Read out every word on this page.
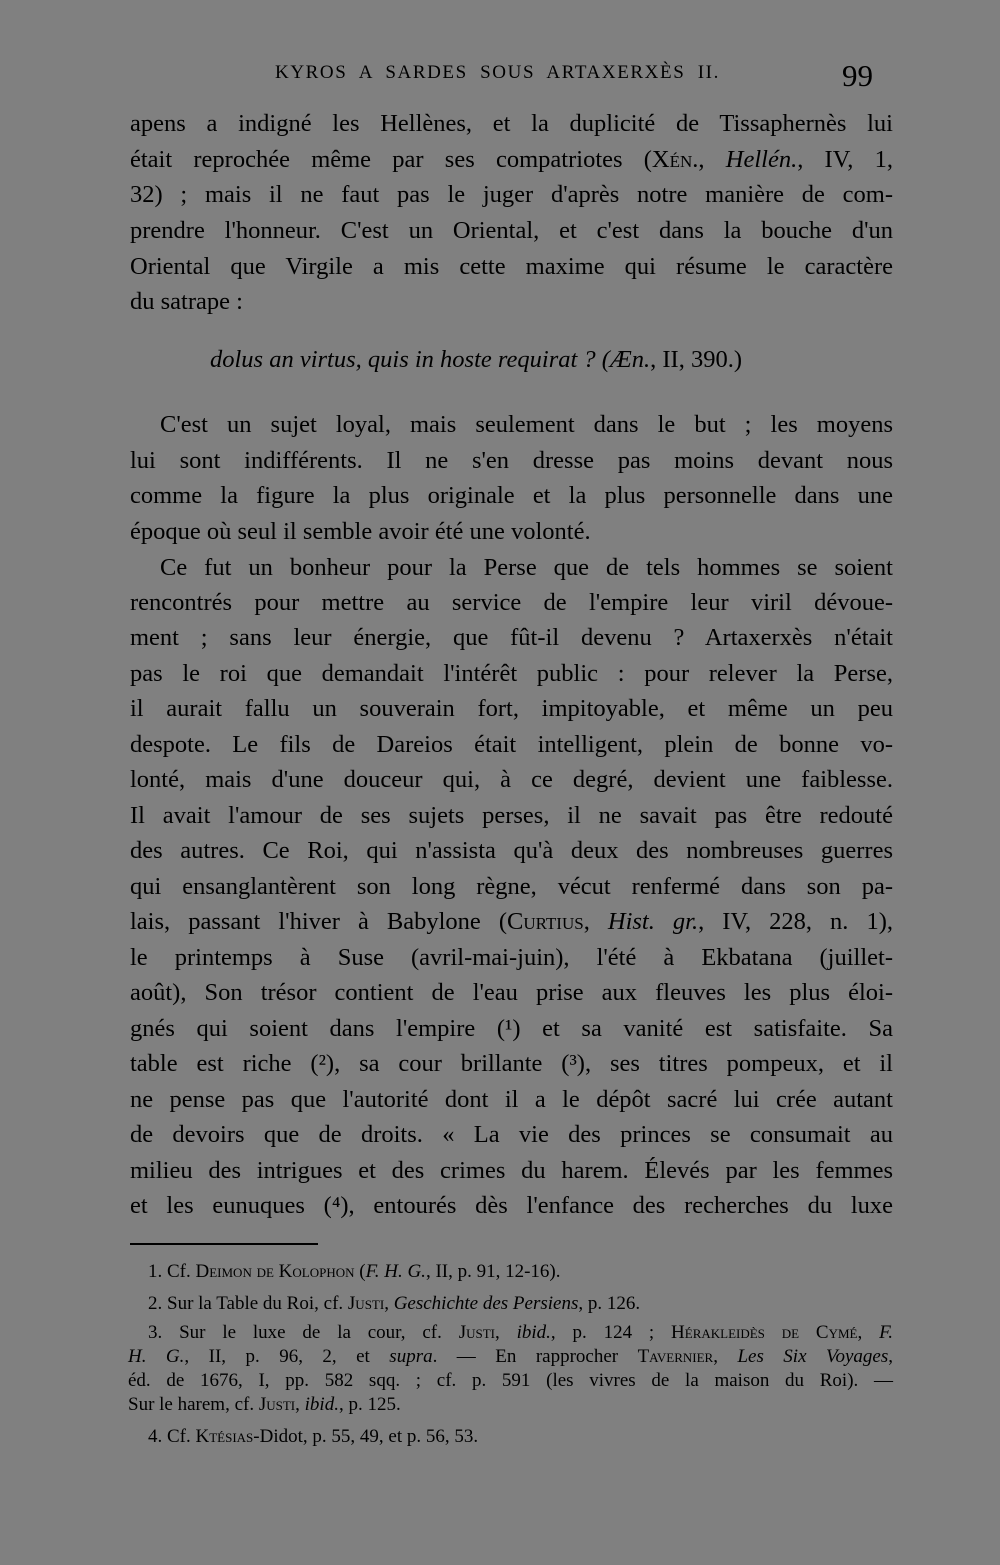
KYROS A SARDES SOUS ARTAXERXÈS II.	99
apens a indigné les Hellènes, et la duplicité de Tissaphernès lui
était reprochée même par ses compatriotes (Xén., Hellén., IV, 1,
32) ; mais il ne faut pas le juger d'après notre manière de com-
prendre l'honneur. C'est un Oriental, et c'est dans la bouche d'un
Oriental que Virgile a mis cette maxime qui résume le caractère
du satrape :
dolus an virtus, quis in hoste requirat ? (Æn., II, 390.)
C'est un sujet loyal, mais seulement dans le but ; les moyens
lui sont indifférents. Il ne s'en dresse pas moins devant nous
comme la figure la plus originale et la plus personnelle dans une
époque où seul il semble avoir été une volonté.
Ce fut un bonheur pour la Perse que de tels hommes se soient
rencontrés pour mettre au service de l'empire leur viril dévoue-
ment ; sans leur énergie, que fût-il devenu ? Artaxerxès n'était
pas le roi que demandait l'intérêt public : pour relever la Perse,
il aurait fallu un souverain fort, impitoyable, et même un peu
despote. Le fils de Dareios était intelligent, plein de bonne vo-
lonté, mais d'une douceur qui, à ce degré, devient une faiblesse.
Il avait l'amour de ses sujets perses, il ne savait pas être redouté
des autres. Ce Roi, qui n'assista qu'à deux des nombreuses guerres
qui ensanglantèrent son long règne, vécut renfermé dans son pa-
lais, passant l'hiver à Babylone (Curtius, Hist. gr., IV, 228, n. 1),
le printemps à Suse (avril-mai-juin), l'été à Ekbatana (juillet-
août), Son trésor contient de l'eau prise aux fleuves les plus éloi-
gnés qui soient dans l'empire (¹) et sa vanité est satisfaite. Sa
table est riche (²), sa cour brillante (³), ses titres pompeux, et il
ne pense pas que l'autorité dont il a le dépôt sacré lui crée autant
de devoirs que de droits. « La vie des princes se consumait au
milieu des intrigues et des crimes du harem. Élevés par les femmes
et les eunuques (⁴), entourés dès l'enfance des recherches du luxe
1. Cf. Deimon de Kolophon (F. H. G., II, p. 91, 12-16).
2. Sur la Table du Roi, cf. Justi, Geschichte des Persiens, p. 126.
3. Sur le luxe de la cour, cf. Justi, ibid., p. 124 ; Hérakleidès de Cymé, F.
H. G., II, p. 96, 2, et supra. — En rapprocher Tavernier, Les Six Voyages,
éd. de 1676, I, pp. 582 sqq. ; cf. p. 591 (les vivres de la maison du Roi). —
Sur le harem, cf. Justi, ibid., p. 125.
4. Cf. Ktésias-Didot, p. 55, 49, et p. 56, 53.
